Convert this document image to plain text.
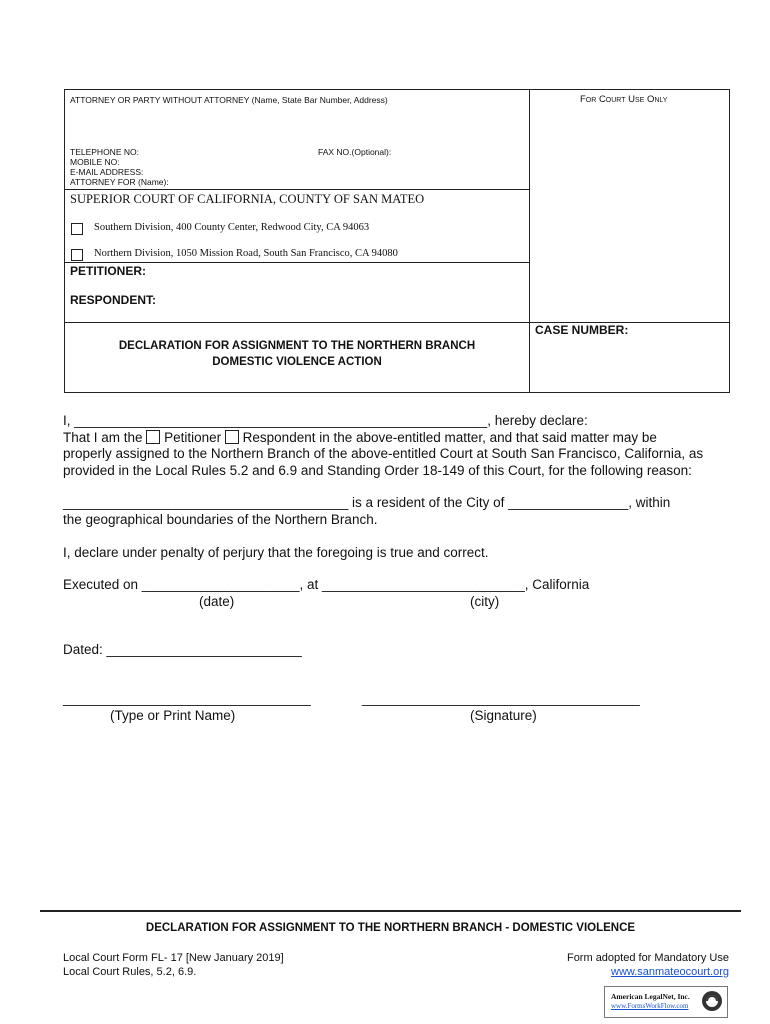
ATTORNEY OR PARTY WITHOUT ATTORNEY (Name, State Bar Number, Address)	For Court Use Only
TELEPHONE NO:	FAX NO.(Optional):
MOBILE NO:
E-MAIL ADDRESS:
ATTORNEY FOR (Name):
SUPERIOR COURT OF CALIFORNIA, COUNTY OF SAN MATEO
Southern Division, 400 County Center, Redwood City, CA 94063
Northern Division, 1050 Mission Road, South San Francisco, CA 94080
PETITIONER:
RESPONDENT:
CASE NUMBER:
DECLARATION FOR ASSIGNMENT TO THE NORTHERN BRANCH
DOMESTIC VIOLENCE ACTION
I, _______________________________________________________, hereby declare:
That I am the Petitioner Respondent in the above-entitled matter, and that said matter may be
properly assigned to the Northern Branch of the above-entitled Court at South San Francisco, California, as
provided in the Local Rules 5.2 and 6.9 and Standing Order 18-149 of this Court, for the following reason:
______________________________________ is a resident of the City of ________________, within
the geographical boundaries of the Northern Branch.
I, declare under penalty of perjury that the foregoing is true and correct.
Executed on _____________________, at ___________________________, California
(date)	(city)
Dated: __________________________
_________________________________	_____________________________________
(Type or Print Name)	(Signature)
DECLARATION FOR ASSIGNMENT TO THE NORTHERN BRANCH - DOMESTIC VIOLENCE
Local Court Form FL- 17 [New January 2019]
Local Court Rules, 5.2, 6.9.
Form adopted for Mandatory Use
www.sanmateocourt.org
American LegalNet, Inc.
www.FormsWorkFlow.com
